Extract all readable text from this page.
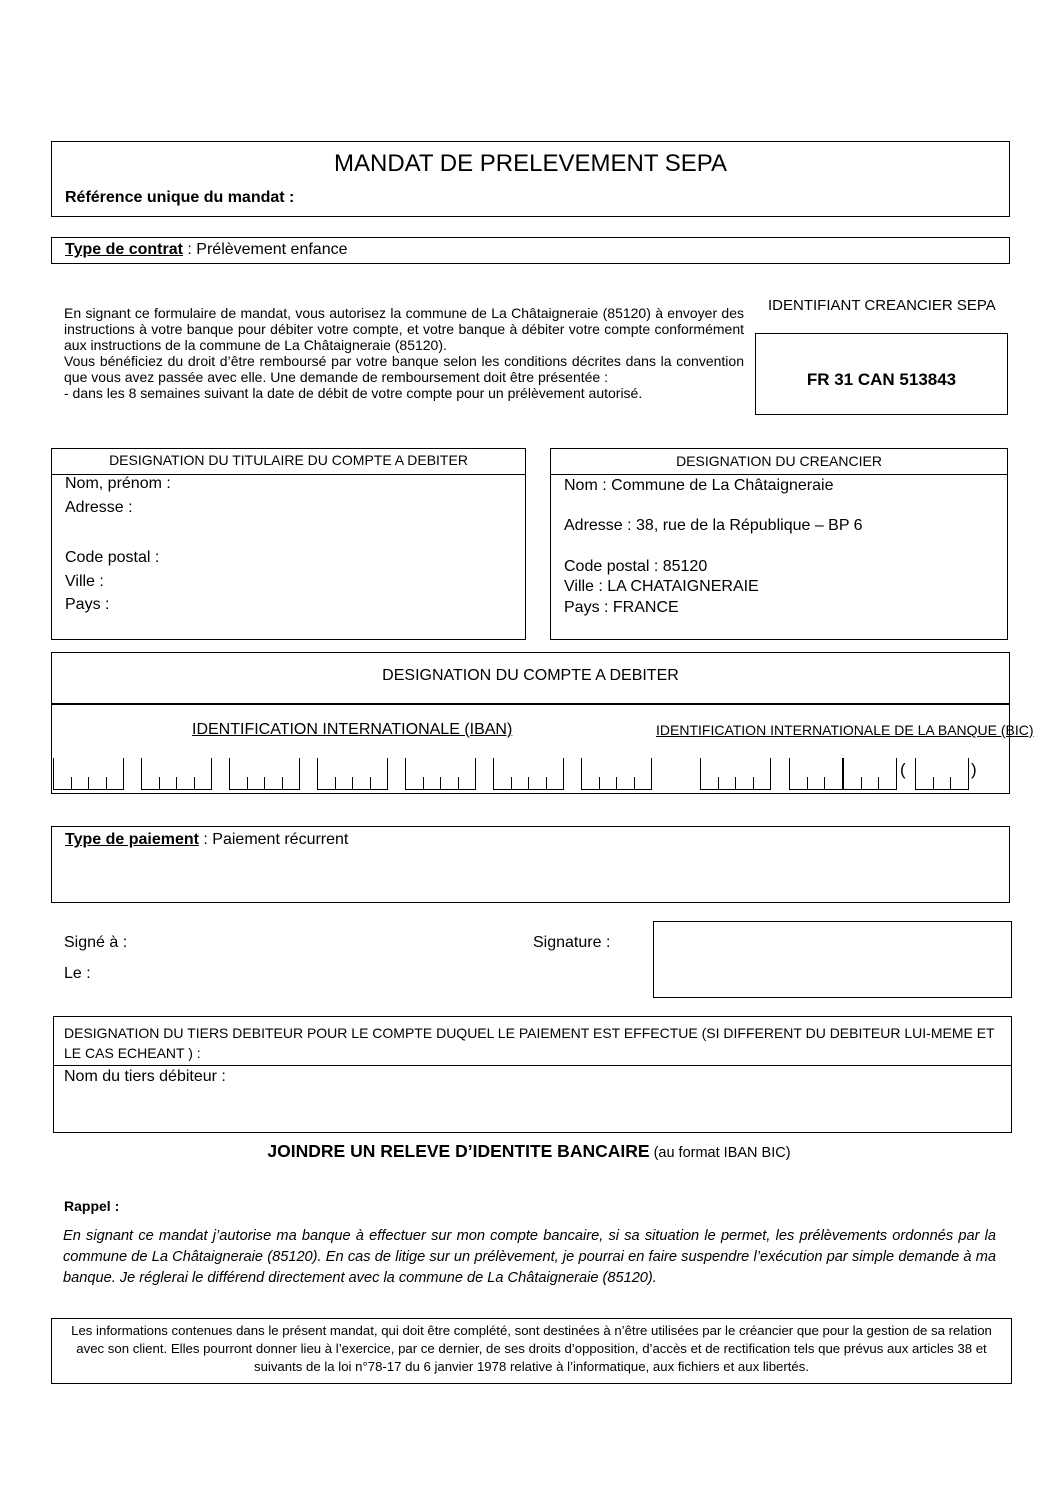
MANDAT DE PRELEVEMENT SEPA
Référence unique du mandat :
Type de contrat : Prélèvement enfance
En signant ce formulaire de mandat, vous autorisez la commune de La Châtaigneraie (85120) à envoyer des instructions à votre banque pour débiter votre compte, et votre banque à débiter votre compte conformément aux instructions de la commune de La Châtaigneraie (85120).
Vous bénéficiez du droit d’être remboursé par votre banque selon les conditions décrites dans la convention que vous avez passée avec elle. Une demande de remboursement doit être présentée :
- dans les 8 semaines suivant la date de débit de votre compte pour un prélèvement autorisé.
IDENTIFIANT CREANCIER SEPA
FR 31 CAN 513843
DESIGNATION DU TITULAIRE DU COMPTE A DEBITER
Nom, prénom :
Adresse :
Code postal :
Ville :
Pays :
DESIGNATION DU CREANCIER
Nom : Commune de La Châtaigneraie
Adresse : 38, rue de la République – BP 6
Code postal : 85120
Ville : LA CHATAIGNERAIE
Pays : FRANCE
DESIGNATION DU COMPTE A DEBITER
IDENTIFICATION INTERNATIONALE (IBAN)	IDENTIFICATION INTERNATIONALE DE LA BANQUE (BIC)
(	)
Type de paiement : Paiement récurrent
Signé à :
Le :
Signature :
DESIGNATION DU TIERS DEBITEUR POUR LE COMPTE DUQUEL LE PAIEMENT EST EFFECTUE (SI DIFFERENT DU DEBITEUR LUI-MEME ET LE CAS ECHEANT ) :
Nom du tiers débiteur :
JOINDRE UN RELEVE D’IDENTITE BANCAIRE (au format IBAN BIC)
Rappel :
En signant ce mandat j’autorise ma banque à effectuer sur mon compte bancaire, si sa situation le permet, les prélèvements ordonnés par la commune de La Châtaigneraie (85120). En cas de litige sur un prélèvement, je pourrai en faire suspendre l’exécution par simple demande à ma banque. Je réglerai le différend directement avec la commune de La Châtaigneraie (85120).
Les informations contenues dans le présent mandat, qui doit être complété, sont destinées à n’être utilisées par le créancier que pour la gestion de sa relation avec son client. Elles pourront donner lieu à l’exercice, par ce dernier, de ses droits d’opposition, d’accès et de rectification tels que prévus aux articles 38 et suivants de la loi n°78-17 du 6 janvier 1978 relative à l’informatique, aux fichiers et aux libertés.
